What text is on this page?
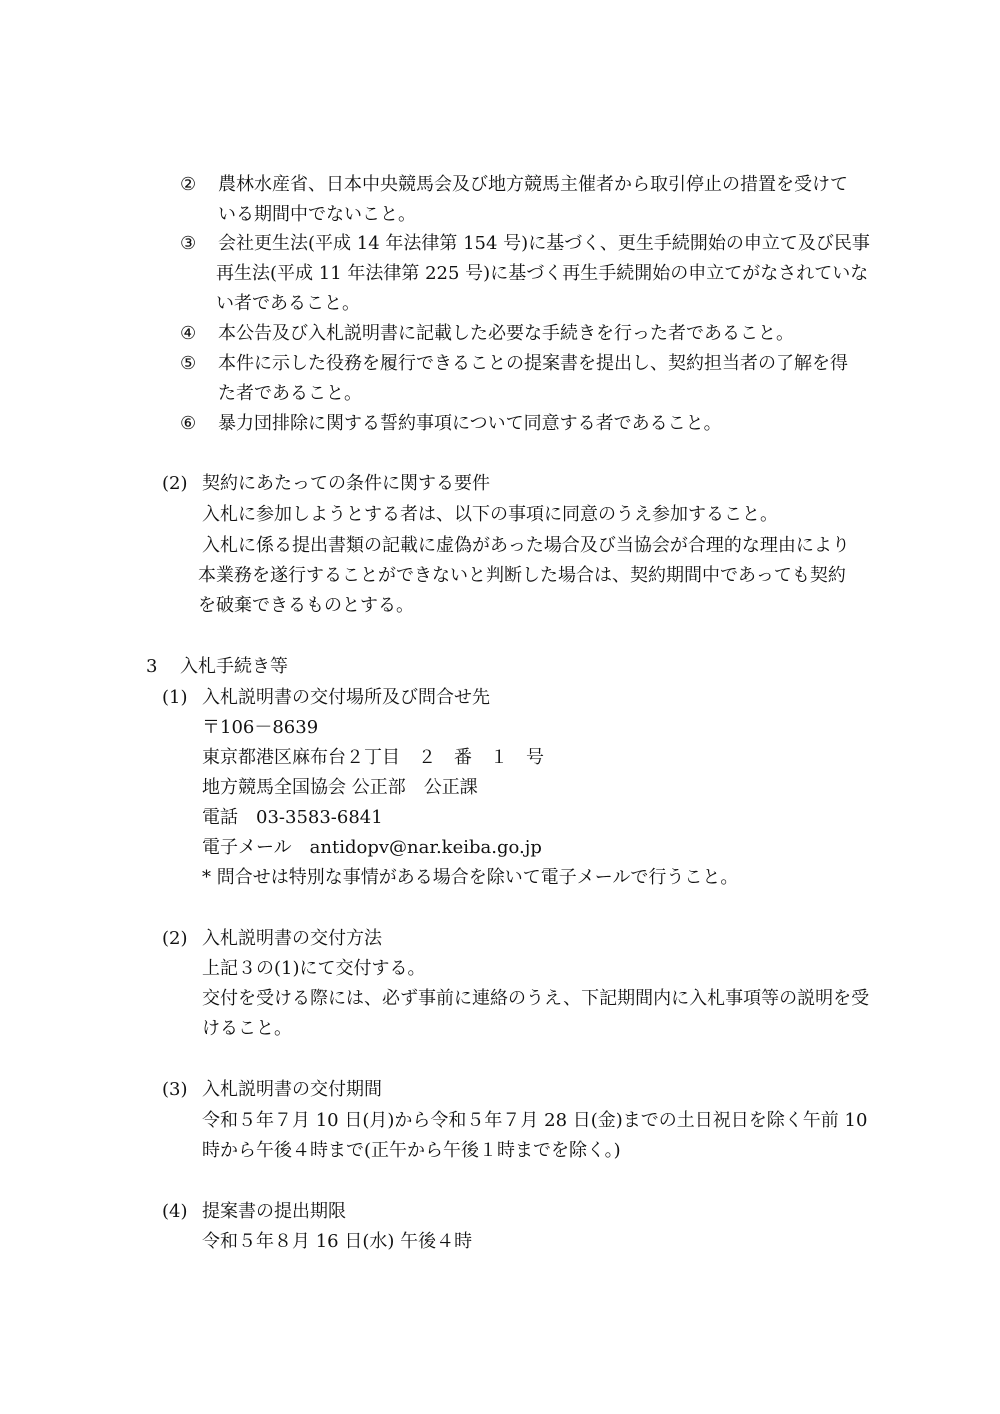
② 農林水産省、日本中央競馬会及び地方競馬主催者から取引停止の措置を受けて
いる期間中でないこと。
③ 会社更生法(平成 14 年法律第 154 号)に基づく、更生手続開始の申立て及び民事
再生法(平成 11 年法律第 225 号)に基づく再生手続開始の申立てがなされていな
い者であること。
④ 本公告及び入札説明書に記載した必要な手続きを行った者であること。
⑤ 本件に示した役務を履行できることの提案書を提出し、契約担当者の了解を得
た者であること。
⑥ 暴力団排除に関する誓約事項について同意する者であること。
(2) 契約にあたっての条件に関する要件
入札に参加しようとする者は、以下の事項に同意のうえ参加すること。
入札に係る提出書類の記載に虚偽があった場合及び当協会が合理的な理由により
本業務を遂行することができないと判断した場合は、契約期間中であっても契約
を破棄できるものとする。
3 入札手続き等
(1) 入札説明書の交付場所及び問合せ先
〒106－8639
東京都港区麻布台２丁目　２　番　１　号
地方競馬全国協会 公正部　公正課
電話　03-3583-6841
電子メール　antidopv@nar.keiba.go.jp
* 問合せは特別な事情がある場合を除いて電子メールで行うこと。
(2) 入札説明書の交付方法
上記３の(1)にて交付する。
交付を受ける際には、必ず事前に連絡のうえ、下記期間内に入札事項等の説明を受
けること。
(3) 入札説明書の交付期間
令和５年７月 10 日(月)から令和５年７月 28 日(金)までの土日祝日を除く午前 10
時から午後４時まで(正午から午後１時までを除く。)
(4) 提案書の提出期限
令和５年８月 16 日(水) 午後４時
